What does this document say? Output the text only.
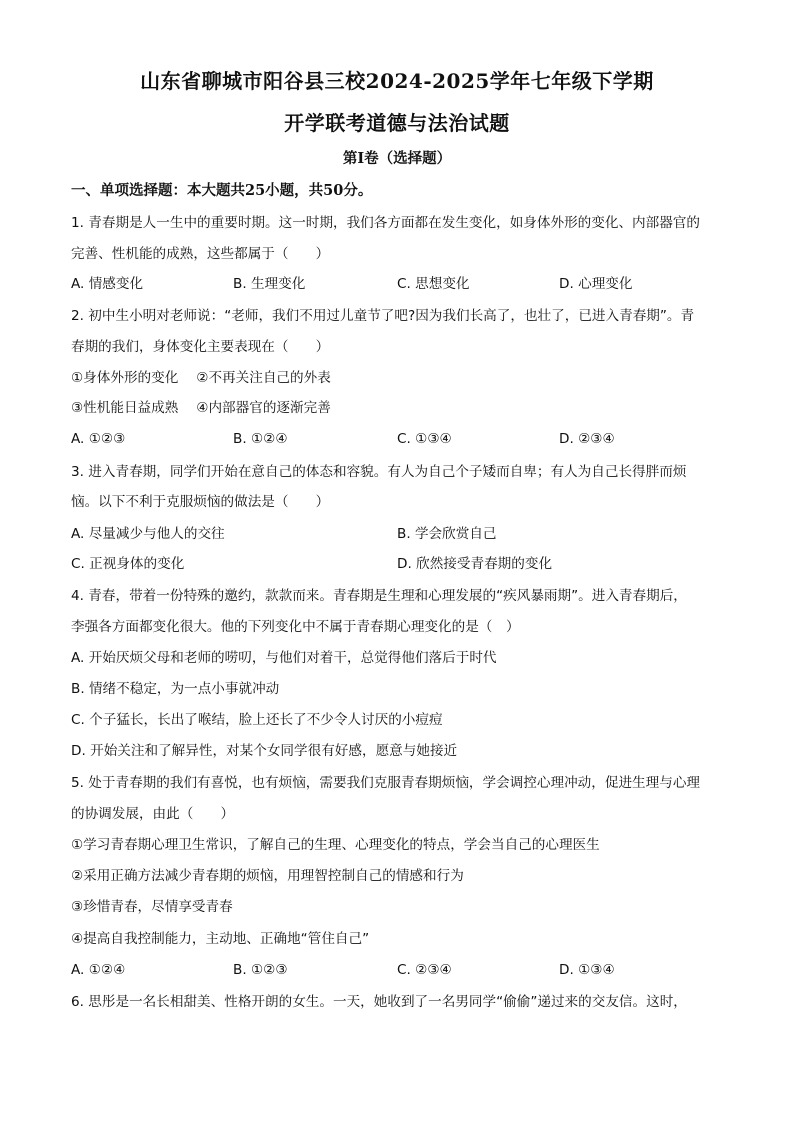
山东省聊城市阳谷县三校2024-2025学年七年级下学期
开学联考道德与法治试题
第Ⅰ卷（选择题）
一、单项选择题：本大题共25小题，共50分。
1. 青春期是人一生中的重要时期。这一时期，我们各方面都在发生变化，如身体外形的变化、内部器官的
完善、性机能的成熟，这些都属于（　　）
A. 情感变化	B. 生理变化	C. 思想变化	D. 心理变化
2. 初中生小明对老师说：“老师，我们不用过儿童节了吧?因为我们长高了，也壮了，已进入青春期”。青
春期的我们，身体变化主要表现在（　　）
①身体外形的变化　 ②不再关注自己的外表
③性机能日益成熟　 ④内部器官的逐渐完善
A. ①②③	B. ①②④	C. ①③④	D. ②③④
3. 进入青春期，同学们开始在意自己的体态和容貌。有人为自己个子矮而自卑；有人为自己长得胖而烦
恼。以下不利于克服烦恼的做法是（　　）
A. 尽量减少与他人的交往	B. 学会欣赏自己
C. 正视身体的变化	D. 欣然接受青春期的变化
4. 青春，带着一份特殊的邀约，款款而来。青春期是生理和心理发展的“疾风暴雨期”。进入青春期后，
李强各方面都变化很大。他的下列变化中不属于青春期心理变化的是（　）
A. 开始厌烦父母和老师的唠叨，与他们对着干，总觉得他们落后于时代
B. 情绪不稳定，为一点小事就冲动
C. 个子猛长，长出了喉结，脸上还长了不少令人讨厌的小痘痘
D. 开始关注和了解异性，对某个女同学很有好感，愿意与她接近
5. 处于青春期的我们有喜悦，也有烦恼，需要我们克服青春期烦恼，学会调控心理冲动，促进生理与心理
的协调发展，由此（　　）
①学习青春期心理卫生常识，了解自己的生理、心理变化的特点，学会当自己的心理医生
②采用正确方法减少青春期的烦恼，用理智控制自己的情感和行为
③珍惜青春，尽情享受青春
④提高自我控制能力，主动地、正确地“管住自己”
A. ①②④	B. ①②③	C. ②③④	D. ①③④
6. 思彤是一名长相甜美、性格开朗的女生。一天，她收到了一名男同学“偷偷”递过来的交友信。这时，
